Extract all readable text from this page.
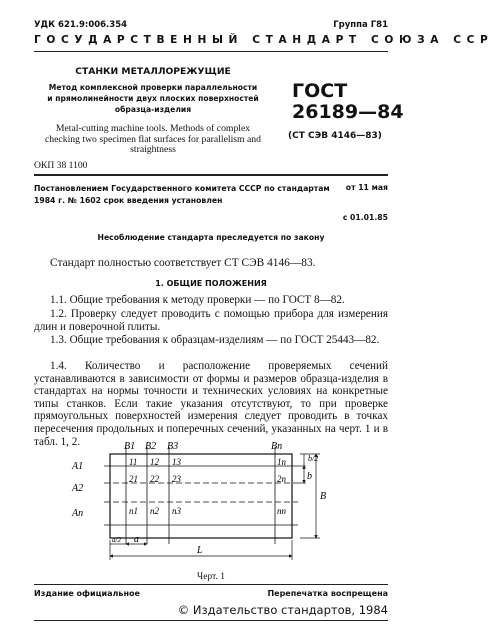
УДК 621.9:006.354	Группа Г81
ГОСУДАРСТВЕННЫЙ СТАНДАРТ СОЮЗА ССР
СТАНКИ МЕТАЛЛОРЕЖУЩИЕ
Метод комплексной проверки параллельности
и прямолинейности двух плоских поверхностей
образца-изделия
Metal-cutting machine tools. Methods of complex
checking two specimen flat surfaces for parallelism and
straightness
ГОСТ
26189—84
(СТ СЭВ 4146—83)
ОКП 38 1100
Постановлением Государственного комитета СССР по стандартам
1984 г. № 1602 срок введения установлен
от 11 мая
с 01.01.85
Несоблюдение стандарта преследуется по закону
Стандарт полностью соответствует СТ СЭВ 4146—83.
1. ОБЩИЕ ПОЛОЖЕНИЯ
1.1. Общие требования к методу проверки — по ГОСТ 8—82.
1.2. Проверку следует проводить с помощью прибора для измерения длин и поверочной плиты.
1.3. Общие требования к образцам-изделиям — по ГОСТ 25443—82.
1.4. Количество и расположение проверяемых сечений устанавливаются в зависимости от формы и размеров образца-изделия в стандартах на нормы точности и технических условиях на конкретные типы станков. Если такие указания отсутствуют, то при проверке прямоугольных поверхностей измерения следует проводить в точках пересечения продольных и поперечных сечений, указанных на черт. 1 и в табл. 1, 2.	B1 B2 B3	Bn
A1
A2
An
11 12 13	1n
21 22 23	2n
n1 n2 n3	nn
b/2
b
B
a/2 a
L
Черт. 1
Издание официальное	Перепечатка воспрещена
© Издательство стандартов, 1984
